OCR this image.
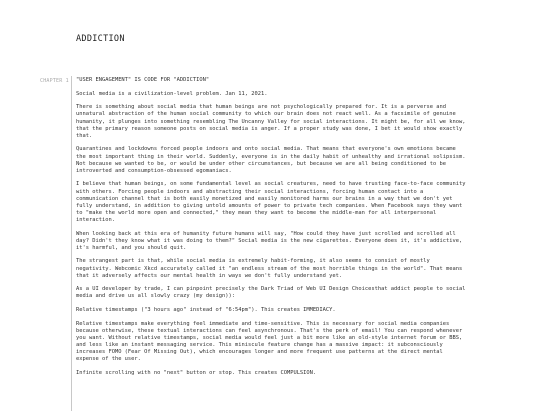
ADDICTION
CHAPTER 1 "USER ENGAGEMENT" IS CODE FOR "ADDICTION"

Social media is a civilization-level problem. Jan 11, 2021.

There is something about social media that human beings are not psychologically prepared for. It is a perverse and unnatural abstraction of the human social community to which our brain does not react well. As a facsimile of genuine humanity, it plunges into something resembling The Uncanny Valley for social interactions. It might be, for all we know, that the primary reason someone posts on social media is anger. If a proper study was done, I bet it would show exactly that.

Quarantines and lockdowns forced people indoors and onto social media. That means that everyone's own emotions became the most important thing in their world. Suddenly, everyone is in the daily habit of unhealthy and irrational solipsism. Not because we wanted to be, or would be under other circumstances, but because we are all being conditioned to be introverted and consumption-obsessed egomaniacs.

I believe that human beings, on some fundamental level as social creatures, need to have trusting face-to-face community with others. Forcing people indoors and abstracting their social interactions, forcing human contact into a communication channel that is both easily monetized and easily monitored harms our brains in a way that we don't yet fully understand, in addition to giving untold amounts of power to private tech companies. When Facebook says they want to "make the world more open and connected," they mean they want to become the middle-man for all interpersonal interaction.

When looking back at this era of humanity future humans will say, "How could they have just scrolled and scrolled all day? Didn't they know what it was doing to them?" Social media is the new cigarettes. Everyone does it, it's addictive, it's harmful, and you should quit.

The strangest part is that, while social media is extremely habit-forming, it also seems to consist of mostly negativity. Webcomic Xkcd accurately called it "an endless stream of the most horrible things in the world". That means that it adversely affects our mental health in ways we don't fully understand yet.

As a UI developer by trade, I can pinpoint precisely the Dark Triad of Web UI Design Choicesthat addict people to social media and drive us all slowly crazy (my design)):

Relative timestamps ("3 hours ago" instead of "6:54pm"). This creates IMMEDIACY.

Relative timestamps make everything feel immediate and time-sensitive. This is necessary for social media companies because otherwise, these textual interactions can feel asynchronous. That's the perk of email! You can respond whenever you want. Without relative timestamps, social media would feel just a bit more like an old-style internet forum or BBS, and less like an instant messaging service. This miniscule feature change has a massive impact: it subconsciously increases FOMO (Fear Of Missing Out), which encourages longer and more frequent use patterns at the direct mental expense of the user.

Infinite scrolling with no "next" button or stop. This creates COMPULSION.
